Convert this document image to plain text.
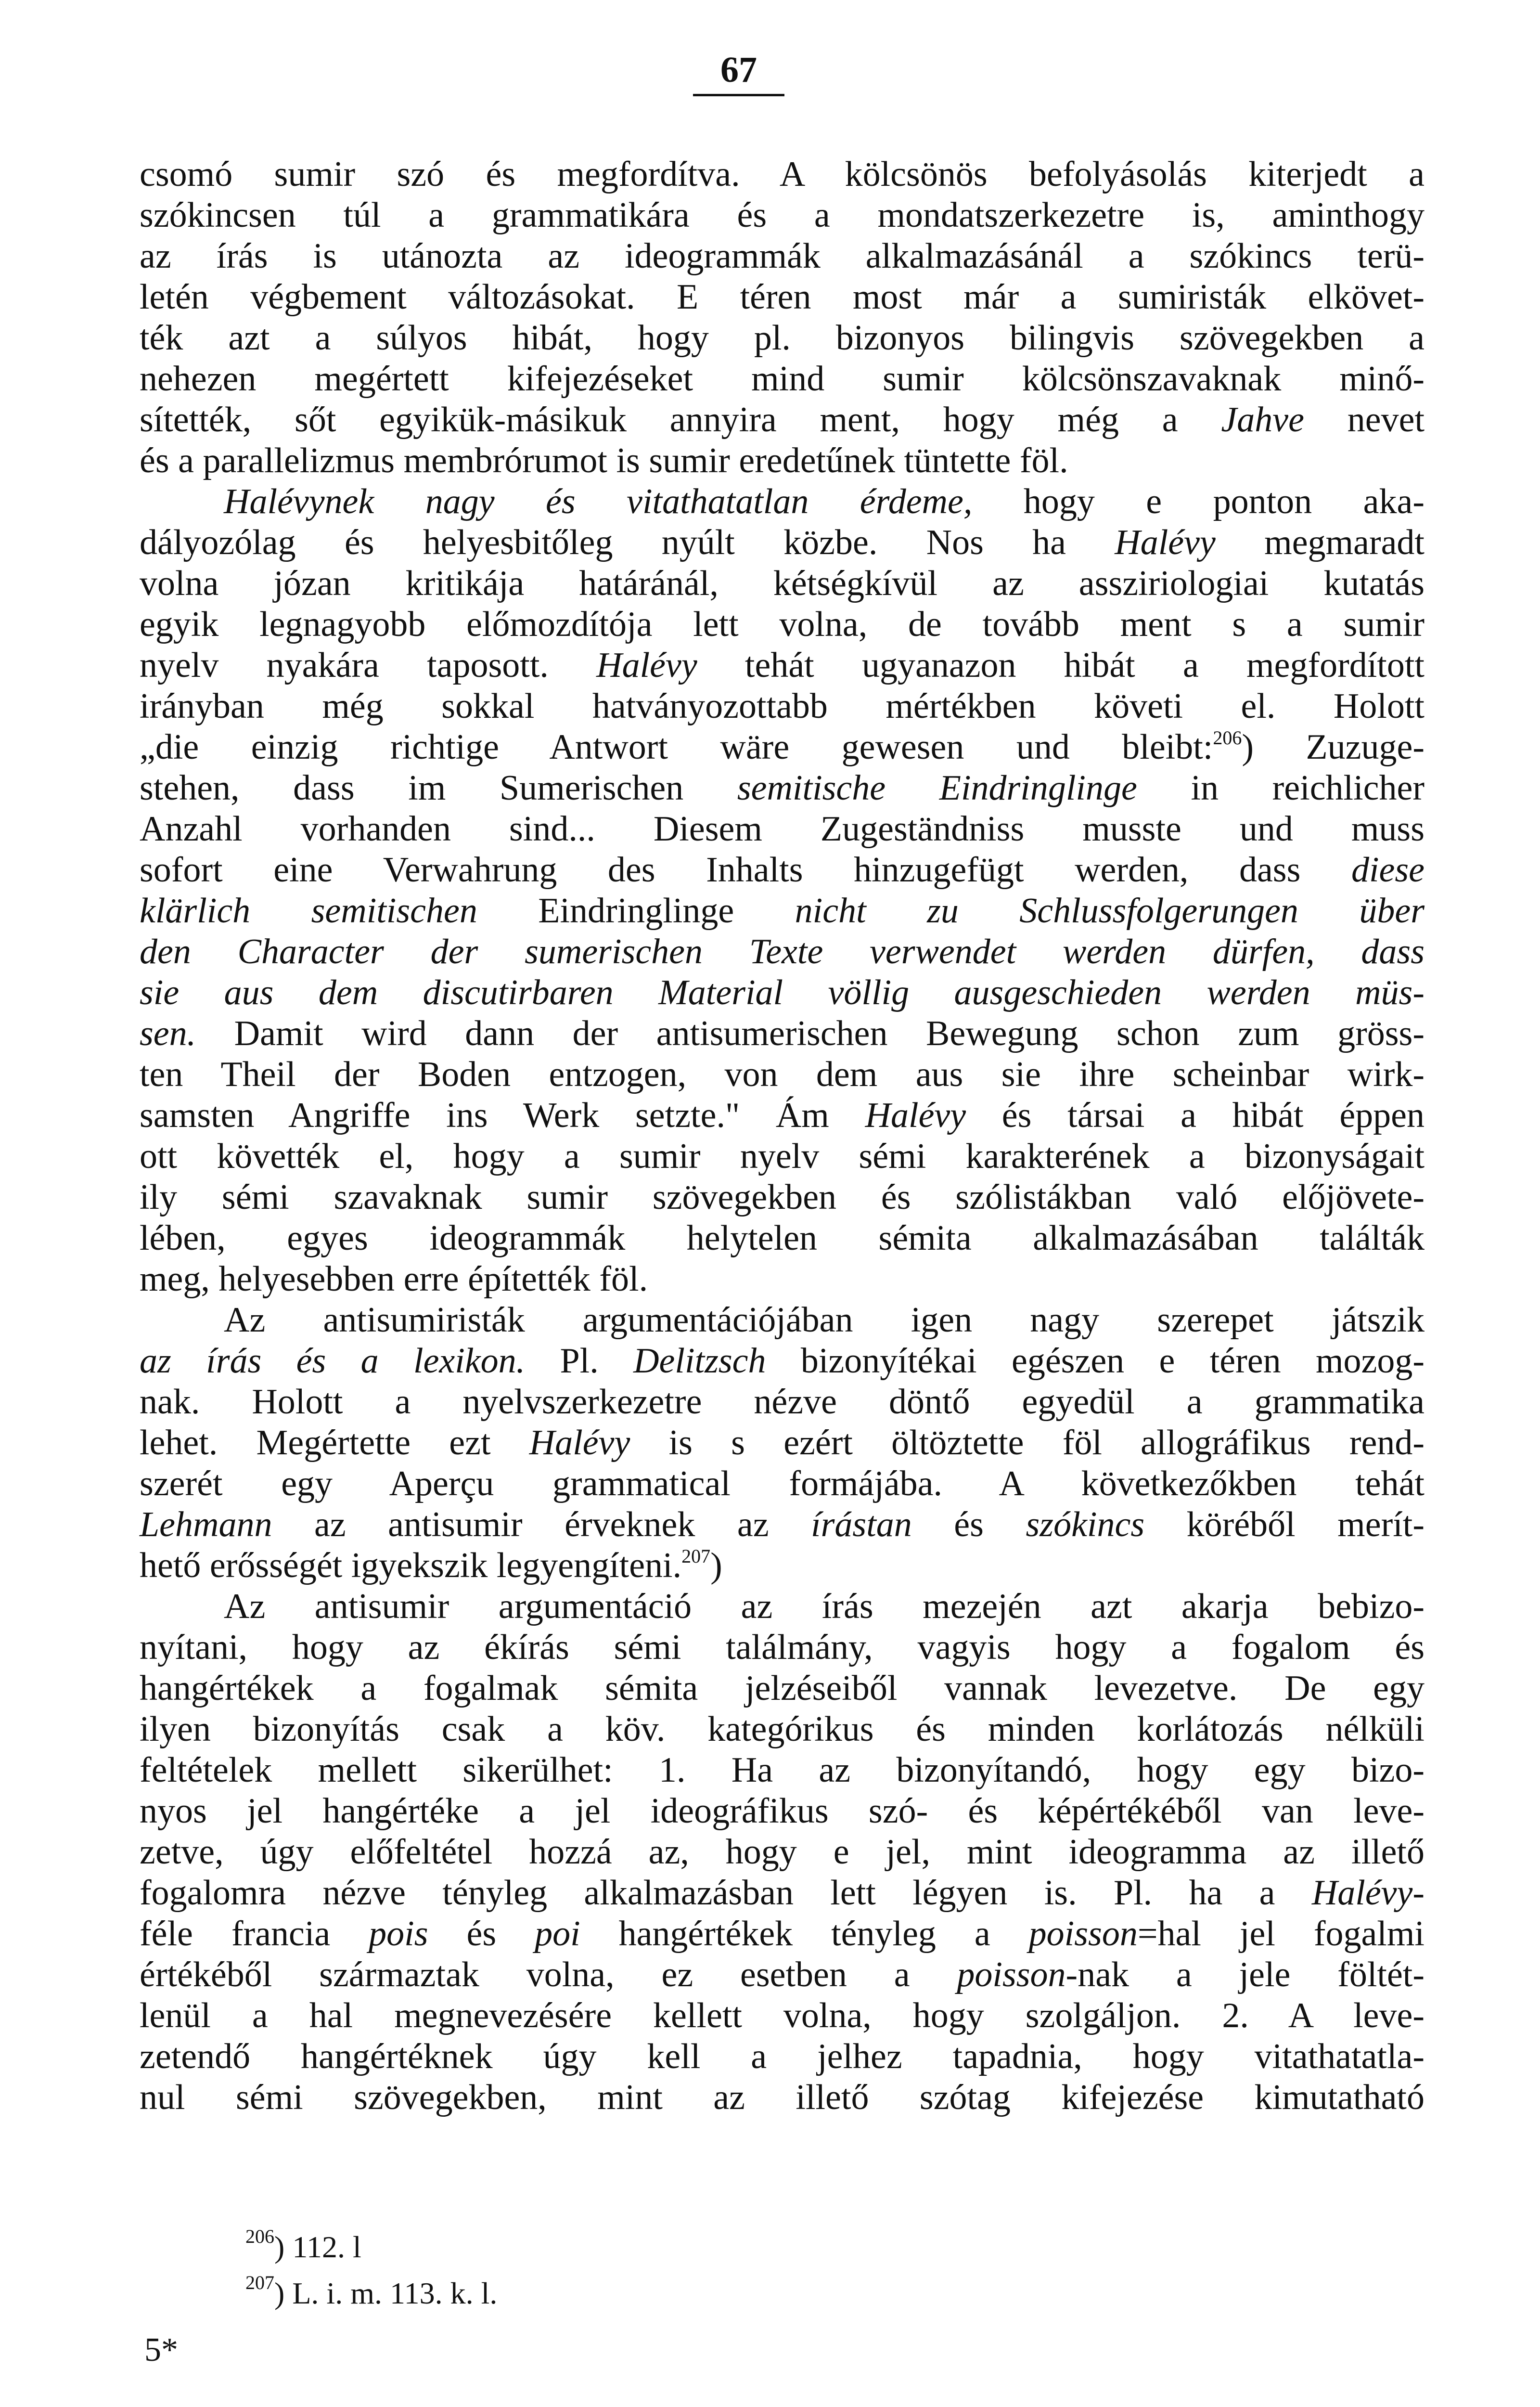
67
csomó sumir szó és megfordítva. A kölcsönös befolyásolás kiterjedt a
szókincsen túl a grammatikára és a mondatszerkezetre is, aminthogy
az írás is utánozta az ideogrammák alkalmazásánál a szókincs terü-
letén végbement változásokat. E téren most már a sumiristák elkövet-
ték azt a súlyos hibát, hogy pl. bizonyos bilingvis szövegekben a
nehezen megértett kifejezéseket mind sumir kölcsönszavaknak minő-
sítették, sőt egyikük-másikuk annyira ment, hogy még a Jahve nevet
és a parallelizmus membrórumot is sumir eredetűnek tüntette föl.
Halévynek nagy és vitathatatlan érdeme, hogy e ponton aka-
dályozólag és helyesbitőleg nyúlt közbe. Nos ha Halévy megmaradt
volna józan kritikája határánál, kétségkívül az assziriologiai kutatás
egyik legnagyobb előmozdítója lett volna, de tovább ment s a sumir
nyelv nyakára taposott. Halévy tehát ugyanazon hibát a megfordított
irányban még sokkal hatványozottabb mértékben követi el. Holott
„die einzig richtige Antwort wäre gewesen und bleibt:$^{206}$) Zuzuge-
stehen, dass im Sumerischen semitische Eindringlinge in reichlicher
Anzahl vorhanden sind... Diesem Zugeständniss musste und muss
sofort eine Verwahrung des Inhalts hinzugefügt werden, dass diese
klärlich semitischen Eindringlinge nicht zu Schlussfolgerungen über
den Character der sumerischen Texte verwendet werden dürfen, dass
sie aus dem discutirbaren Material völlig ausgeschieden werden müs-
sen. Damit wird dann der antisumerischen Bewegung schon zum gröss-
ten Theil der Boden entzogen, von dem aus sie ihre scheinbar wirk-
samsten Angriffe ins Werk setzte." Ám Halévy és társai a hibát éppen
ott követték el, hogy a sumir nyelv sémi karakterének a bizonyságait
ily sémi szavaknak sumir szövegekben és szólistákban való előjövete-
lében, egyes ideogrammák helytelen sémita alkalmazásában találták
meg, helyesebben erre építették föl.
Az antisumiristák argumentációjában igen nagy szerepet játszik
az írás és a lexikon. Pl. Delitzsch bizonyítékai egészen e téren mozog-
nak. Holott a nyelvszerkezetre nézve döntő egyedül a grammatika
lehet. Megértette ezt Halévy is s ezért öltöztette föl allográfikus rend-
szerét egy Aperçu grammatical formájába. A következőkben tehát
Lehmann az antisumir érveknek az írástan és szókincs köréből merít-
hető erősségét igyekszik legyengíteni.$^{207}$)
Az antisumir argumentáció az írás mezején azt akarja bebizo-
nyítani, hogy az ékírás sémi találmány, vagyis hogy a fogalom és
hangértékek a fogalmak sémita jelzéseiből vannak levezetve. De egy
ilyen bizonyítás csak a köv. kategórikus és minden korlátozás nélküli
feltételek mellett sikerülhet: 1. Ha az bizonyítandó, hogy egy bizo-
nyos jel hangértéke a jel ideográfikus szó- és képértékéből van leve-
zetve, úgy előfeltétel hozzá az, hogy e jel, mint ideogramma az illető
fogalomra nézve tényleg alkalmazásban lett légyen is. Pl. ha a Halévy-
féle francia pois és poi hangértékek tényleg a poisson=hal jel fogalmi
értékéből származtak volna, ez esetben a poisson-nak a jele föltét-
lenül a hal megnevezésére kellett volna, hogy szolgáljon. 2. A leve-
zetendő hangértéknek úgy kell a jelhez tapadnia, hogy vitathatatla-
nul sémi szövegekben, mint az illető szótag kifejezése kimutatható
$^{206}$) 112. l
$^{207}$) L. i. m. 113. k. l.
5*
